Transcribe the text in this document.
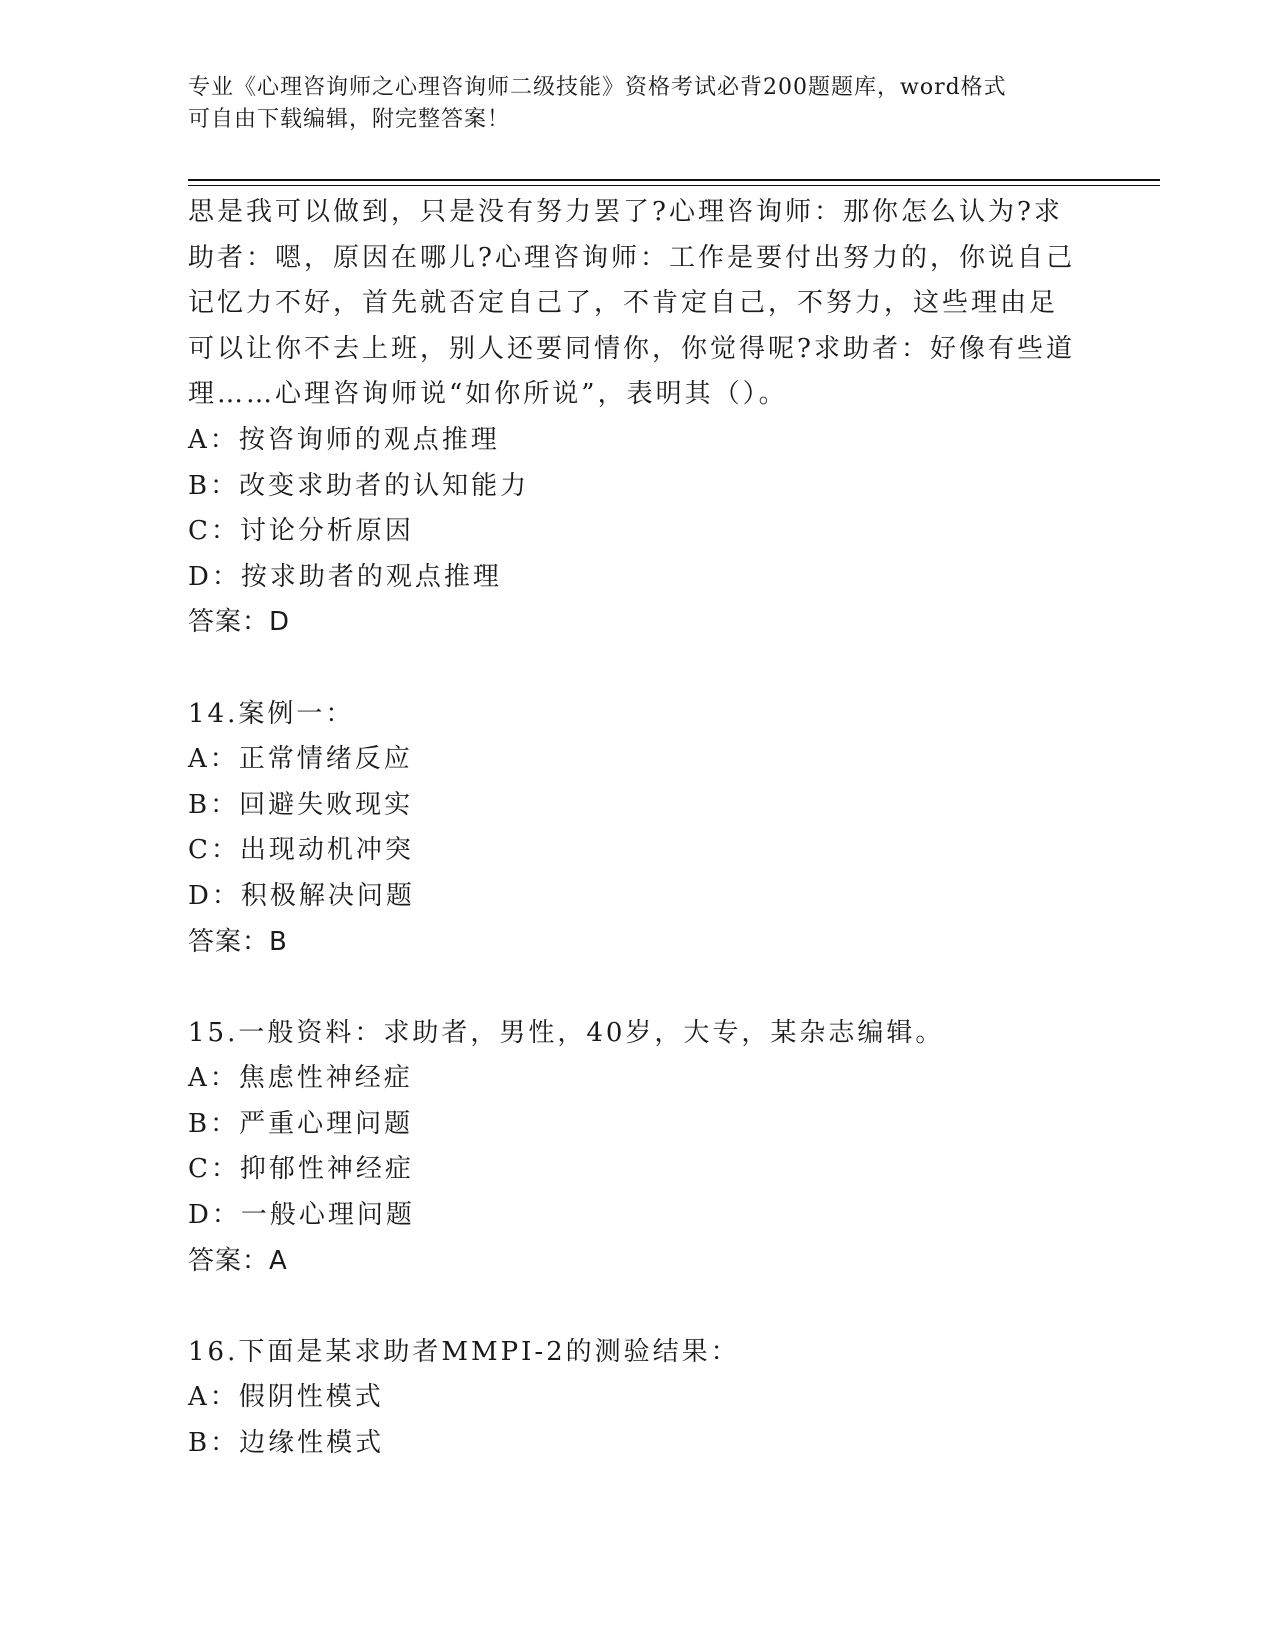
专业《心理咨询师之心理咨询师二级技能》资格考试必背200题题库，word格式
可自由下载编辑，附完整答案！
思是我可以做到，只是没有努力罢了?心理咨询师：那你怎么认为?求
助者：嗯，原因在哪儿?心理咨询师：工作是要付出努力的，你说自己
记忆力不好，首先就否定自己了，不肯定自己，不努力，这些理由足
可以让你不去上班，别人还要同情你，你觉得呢?求助者：好像有些道
理……心理咨询师说“如你所说”，表明其（）。
A：按咨询师的观点推理
B：改变求助者的认知能力
C：讨论分析原因
D：按求助者的观点推理
答案：D
14.案例一：
A：正常情绪反应
B：回避失败现实
C：出现动机冲突
D：积极解决问题
答案：B
15.一般资料：求助者，男性，40岁，大专，某杂志编辑。
A：焦虑性神经症
B：严重心理问题
C：抑郁性神经症
D：一般心理问题
答案：A
16.下面是某求助者MMPI-2的测验结果：
A：假阴性模式
B：边缘性模式
